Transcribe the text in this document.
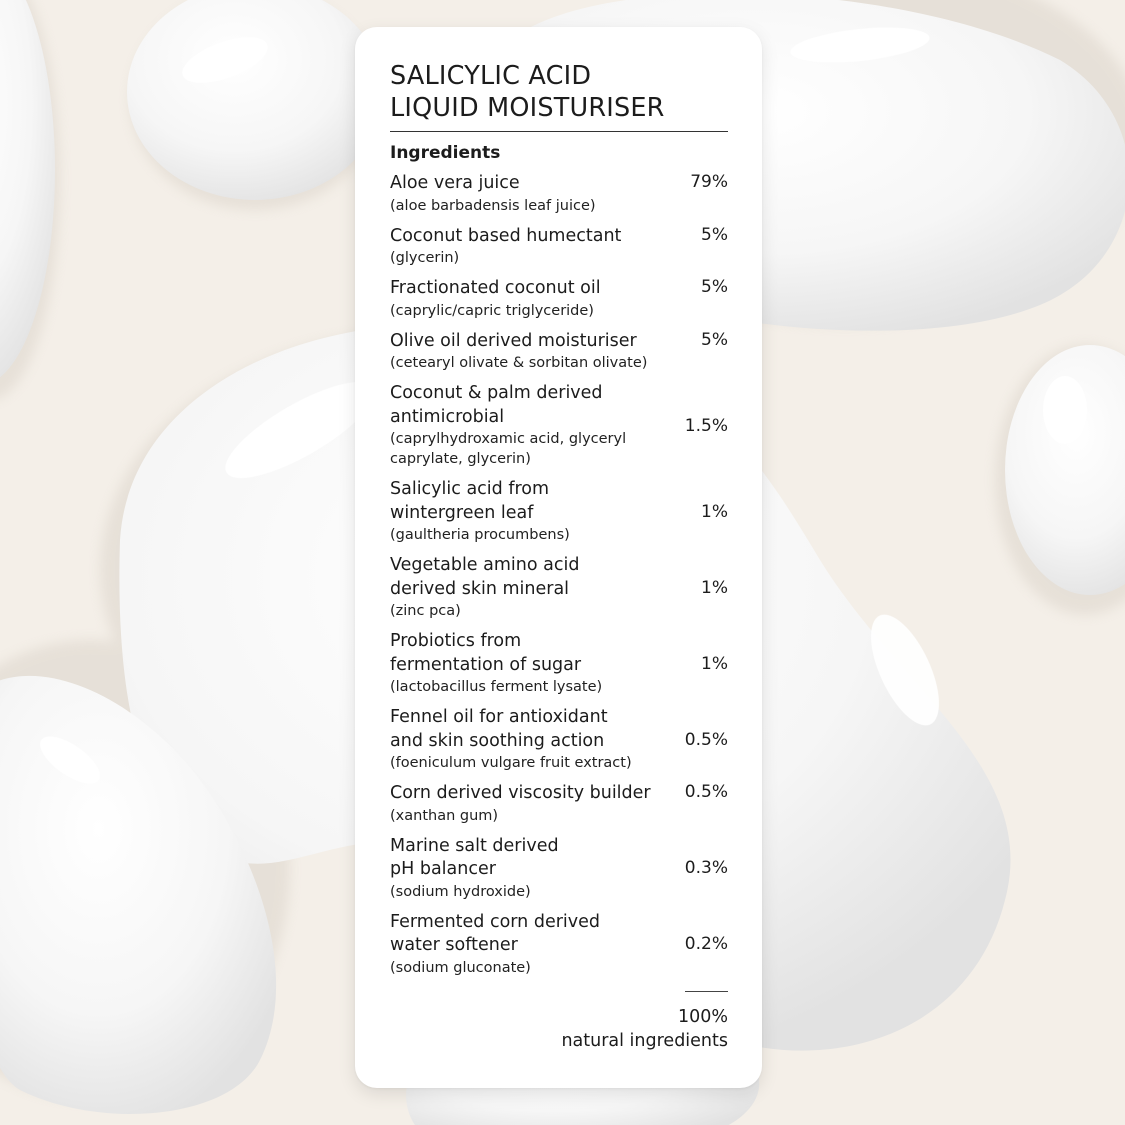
SALICYLIC ACID
LIQUID MOISTURISER
Ingredients
Aloe vera juice
(aloe barbadensis leaf juice)
79%
Coconut based humectant
(glycerin)
5%
Fractionated coconut oil
(caprylic/capric triglyceride)
5%
Olive oil derived moisturiser
(cetearyl olivate & sorbitan olivate)
5%
Coconut & palm derived
antimicrobial
(caprylhydroxamic acid, glyceryl
caprylate, glycerin)
1.5%
Salicylic acid from
wintergreen leaf
(gaultheria procumbens)
1%
Vegetable amino acid
derived skin mineral
(zinc pca)
1%
Probiotics from
fermentation of sugar
(lactobacillus ferment lysate)
1%
Fennel oil for antioxidant
and skin soothing action
(foeniculum vulgare fruit extract)
0.5%
Corn derived viscosity builder
(xanthan gum)
0.5%
Marine salt derived
pH balancer
(sodium hydroxide)
0.3%
Fermented corn derived
water softener
(sodium gluconate)
0.2%
100%
natural ingredients
